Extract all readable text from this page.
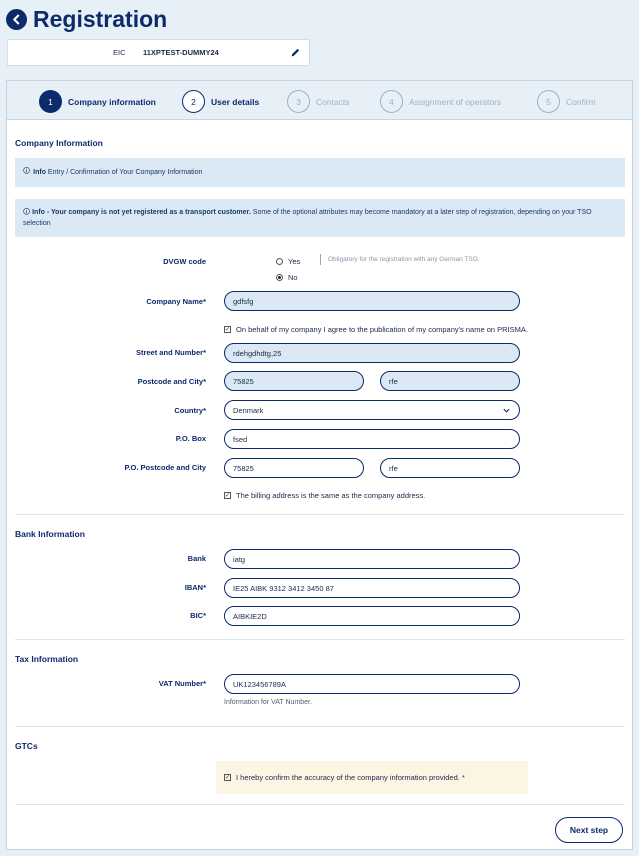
Registration
EIC 11XPTEST-DUMMY24
1	Company information	2	User details	3	Contacts	4	Assignment of operators	5	Confirm
Company Information
🛈 Info
Entry / Confirmation of Your Company Information
🛈 Info - Your company is not yet registered as a transport customer. Some of the optional attributes may become mandatory at a later step of registration, depending on your TSO selection
DVGW code	Yes
No
Obligatory for the registration with any German TSO.
Company Name*	gdfsfg
✓ On behalf of my company I agree to the publication of my company's name on PRISMA.
Street and Number*	rdehgdhdtg,25
Postcode and City*	75825	rfe
Country*	Denmark
P.O. Box	fsed
P.O. Postcode and City	75825	rfe
✓ The billing address is the same as the company address.
Bank Information
Bank	iatg
IBAN*	IE25 AIBK 9312 3412 3450 87
BIC*	AIBKIE2D
Tax Information
VAT Number*	UK123456789A
Information for VAT Number.
GTCs
✓ I hereby confirm the accuracy of the company information provided. *
Next step
